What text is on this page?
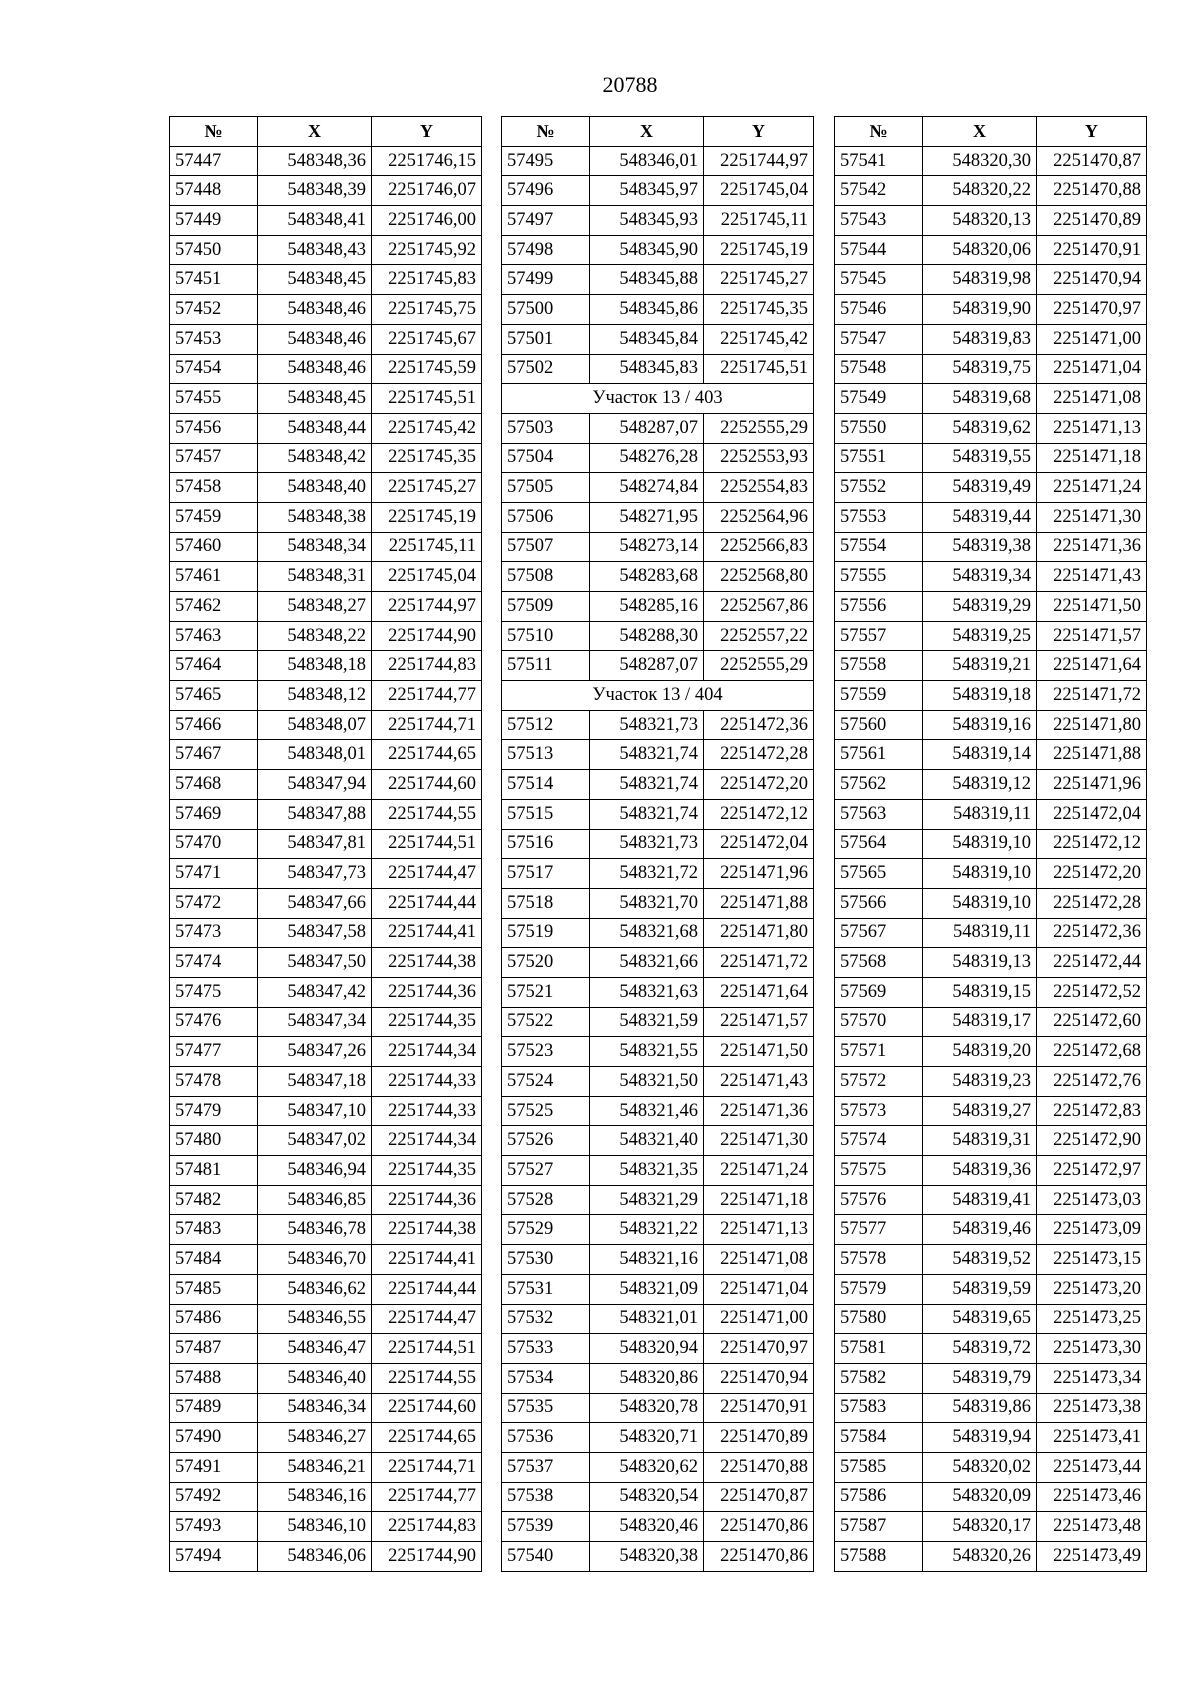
20788
№	X	Y
57447	548348,36	2251746,15
57448	548348,39	2251746,07
57449	548348,41	2251746,00
57450	548348,43	2251745,92
57451	548348,45	2251745,83
57452	548348,46	2251745,75
57453	548348,46	2251745,67
57454	548348,46	2251745,59
57455	548348,45	2251745,51
57456	548348,44	2251745,42
57457	548348,42	2251745,35
57458	548348,40	2251745,27
57459	548348,38	2251745,19
57460	548348,34	2251745,11
57461	548348,31	2251745,04
57462	548348,27	2251744,97
57463	548348,22	2251744,90
57464	548348,18	2251744,83
57465	548348,12	2251744,77
57466	548348,07	2251744,71
57467	548348,01	2251744,65
57468	548347,94	2251744,60
57469	548347,88	2251744,55
57470	548347,81	2251744,51
57471	548347,73	2251744,47
57472	548347,66	2251744,44
57473	548347,58	2251744,41
57474	548347,50	2251744,38
57475	548347,42	2251744,36
57476	548347,34	2251744,35
57477	548347,26	2251744,34
57478	548347,18	2251744,33
57479	548347,10	2251744,33
57480	548347,02	2251744,34
57481	548346,94	2251744,35
57482	548346,85	2251744,36
57483	548346,78	2251744,38
57484	548346,70	2251744,41
57485	548346,62	2251744,44
57486	548346,55	2251744,47
57487	548346,47	2251744,51
57488	548346,40	2251744,55
57489	548346,34	2251744,60
57490	548346,27	2251744,65
57491	548346,21	2251744,71
57492	548346,16	2251744,77
57493	548346,10	2251744,83
57494	548346,06	2251744,90
№	X	Y
57495	548346,01	2251744,97
57496	548345,97	2251745,04
57497	548345,93	2251745,11
57498	548345,90	2251745,19
57499	548345,88	2251745,27
57500	548345,86	2251745,35
57501	548345,84	2251745,42
57502	548345,83	2251745,51
Участок 13 / 403		
57503	548287,07	2252555,29
57504	548276,28	2252553,93
57505	548274,84	2252554,83
57506	548271,95	2252564,96
57507	548273,14	2252566,83
57508	548283,68	2252568,80
57509	548285,16	2252567,86
57510	548288,30	2252557,22
57511	548287,07	2252555,29
Участок 13 / 404		
57512	548321,73	2251472,36
57513	548321,74	2251472,28
57514	548321,74	2251472,20
57515	548321,74	2251472,12
57516	548321,73	2251472,04
57517	548321,72	2251471,96
57518	548321,70	2251471,88
57519	548321,68	2251471,80
57520	548321,66	2251471,72
57521	548321,63	2251471,64
57522	548321,59	2251471,57
57523	548321,55	2251471,50
57524	548321,50	2251471,43
57525	548321,46	2251471,36
57526	548321,40	2251471,30
57527	548321,35	2251471,24
57528	548321,29	2251471,18
57529	548321,22	2251471,13
57530	548321,16	2251471,08
57531	548321,09	2251471,04
57532	548321,01	2251471,00
57533	548320,94	2251470,97
57534	548320,86	2251470,94
57535	548320,78	2251470,91
57536	548320,71	2251470,89
57537	548320,62	2251470,88
57538	548320,54	2251470,87
57539	548320,46	2251470,86
57540	548320,38	2251470,86
№	X	Y
57541	548320,30	2251470,87
57542	548320,22	2251470,88
57543	548320,13	2251470,89
57544	548320,06	2251470,91
57545	548319,98	2251470,94
57546	548319,90	2251470,97
57547	548319,83	2251471,00
57548	548319,75	2251471,04
57549	548319,68	2251471,08
57550	548319,62	2251471,13
57551	548319,55	2251471,18
57552	548319,49	2251471,24
57553	548319,44	2251471,30
57554	548319,38	2251471,36
57555	548319,34	2251471,43
57556	548319,29	2251471,50
57557	548319,25	2251471,57
57558	548319,21	2251471,64
57559	548319,18	2251471,72
57560	548319,16	2251471,80
57561	548319,14	2251471,88
57562	548319,12	2251471,96
57563	548319,11	2251472,04
57564	548319,10	2251472,12
57565	548319,10	2251472,20
57566	548319,10	2251472,28
57567	548319,11	2251472,36
57568	548319,13	2251472,44
57569	548319,15	2251472,52
57570	548319,17	2251472,60
57571	548319,20	2251472,68
57572	548319,23	2251472,76
57573	548319,27	2251472,83
57574	548319,31	2251472,90
57575	548319,36	2251472,97
57576	548319,41	2251473,03
57577	548319,46	2251473,09
57578	548319,52	2251473,15
57579	548319,59	2251473,20
57580	548319,65	2251473,25
57581	548319,72	2251473,30
57582	548319,79	2251473,34
57583	548319,86	2251473,38
57584	548319,94	2251473,41
57585	548320,02	2251473,44
57586	548320,09	2251473,46
57587	548320,17	2251473,48
57588	548320,26	2251473,49
